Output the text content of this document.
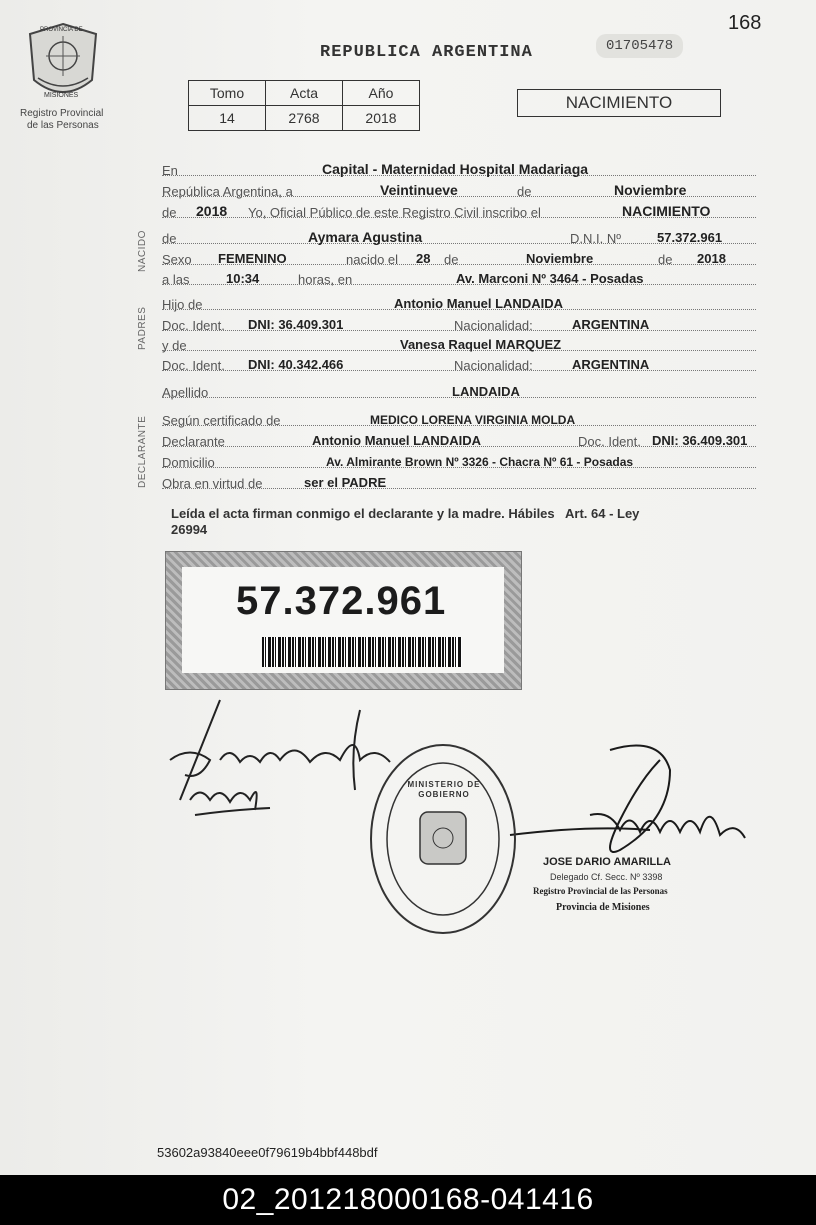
PROVINCIA DE
MISIONES
Registro Provincial
de las Personas
REPUBLICA ARGENTINA	01705478
168
Tomo	Acta	Año
14	2768	2018
NACIMIENTO
NACIDO
PADRES
DECLARANTE
En	Capital - Maternidad Hospital Madariaga
República Argentina, a	Veintinueve	de	Noviembre
de 2018 Yo, Oficial Público de este Registro Civil inscribo el	NACIMIENTO
de	Aymara Agustina	D.N.I. Nº	57.372.961
Sexo FEMENINO	nacido el 28 de	Noviembre	de 2018
a las	10:34	horas, en	Av. Marconi Nº 3464 - Posadas
Hijo de	Antonio Manuel LANDAIDA
Doc. Ident. DNI: 36.409.301	Nacionalidad:	ARGENTINA
y de	Vanesa Raquel MARQUEZ
Doc. Ident. DNI: 40.342.466	Nacionalidad:	ARGENTINA
Apellido	LANDAIDA
Según certificado de	MEDICO LORENA VIRGINIA MOLDA
Declarante	Antonio Manuel LANDAIDA	Doc. Ident. DNI: 36.409.301
Domicilio	Av. Almirante Brown Nº 3326 - Chacra Nº 61 - Posadas
Obra en virtud de	ser el PADRE
Leída el acta firman conmigo el declarante y la madre. Hábiles   Art. 64 - Ley
26994
57.372.961
MINISTERIO DE GOBIERNO
JOSE DARIO AMARILLA
Delegado Cf. Secc. Nº 3398
Registro Provincial de las Personas
Provincia de Misiones
53602a93840eee0f79619b4bbf448bdf
02_201218000168-041416
